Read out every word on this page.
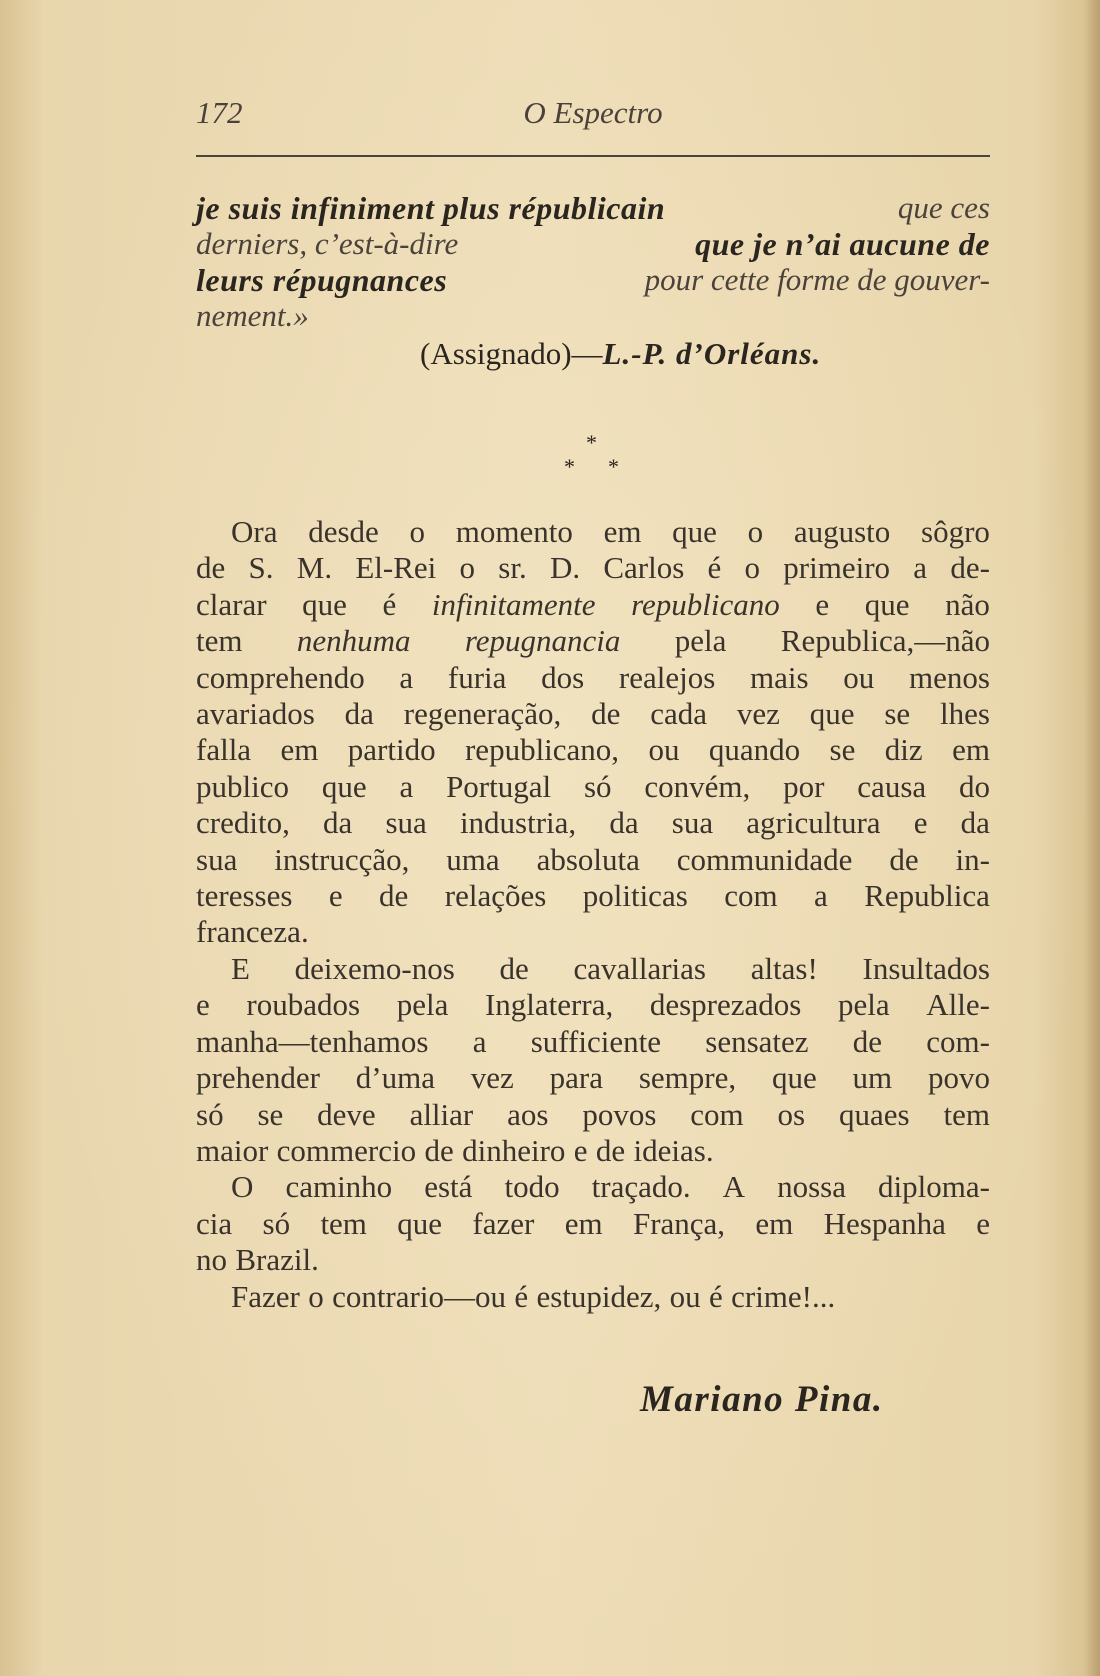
172	O Espectro
je suis infiniment plus républicain	que ces
derniers, c’est-à-dire	que je n’ai aucune de
leurs répugnances	pour cette forme de gouver-
nement.»
(Assignado)—L.-P. d’Orléans.
*
* *
Ora desde o momento em que o augusto sôgro
de S. M. El-Rei o sr. D. Carlos é o primeiro a de-
clarar que é infinitamente republicano e que não
tem nenhuma repugnancia pela Republica,—não
comprehendo a furia dos realejos mais ou menos
avariados da regeneração, de cada vez que se lhes
falla em partido republicano, ou quando se diz em
publico que a Portugal só convém, por causa do
credito, da sua industria, da sua agricultura e da
sua instrucção, uma absoluta communidade de in-
teresses e de relações politicas com a Republica
franceza.
E deixemo-nos de cavallarias altas! Insultados
e roubados pela Inglaterra, desprezados pela Alle-
manha—tenhamos a sufficiente sensatez de com-
prehender d’uma vez para sempre, que um povo
só se deve alliar aos povos com os quaes tem
maior commercio de dinheiro e de ideias.
O caminho está todo traçado. A nossa diploma-
cia só tem que fazer em França, em Hespanha e
no Brazil.
Fazer o contrario—ou é estupidez, ou é crime!...
Mariano Pina.
